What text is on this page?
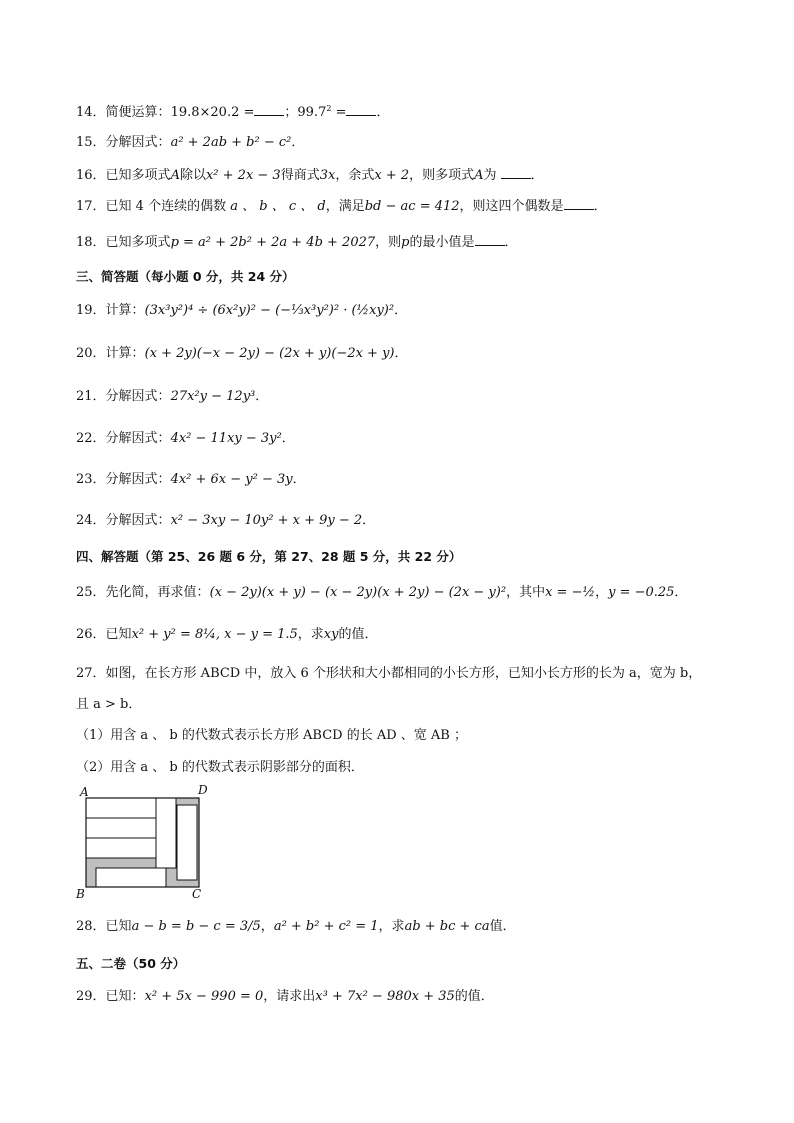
14．简便运算：19.8×20.2 = ；$99.7^2$ = ．
15．分解因式：a² + 2ab + b² − c²．
16．已知多项式A除以x² + 2x − 3得商式3x，余式x + 2，则多项式A为	．
17．已知 4 个连续的偶数 a 、 b 、 c 、 d，满足bd − ac = 412，则这四个偶数是 ．
18．已知多项式p = a² + 2b² + 2a + 4b + 2027，则p的最小值是 ．
三、简答题（每小题 0 分，共 24 分）
19．计算：(3x³y²)⁴ ÷ (6x²y)² − (−⅓x³y²)² · (½xy)²．
20．计算：(x + 2y)(−x − 2y) − (2x + y)(−2x + y)．
21．分解因式：27x²y − 12y³．
22．分解因式：4x² − 11xy − 3y²．
23．分解因式：4x² + 6x − y² − 3y．
24．分解因式：x² − 3xy − 10y² + x + 9y − 2．
四、解答题（第 25、26 题 6 分，第 27、28 题 5 分，共 22 分）
25．先化简，再求值：(x − 2y)(x + y) − (x − 2y)(x + 2y) − (2x − y)²，其中x = −½，y = −0.25．
26．已知x² + y² = 8¼, x − y = 1.5，求xy的值．
27．如图，在长方形 ABCD 中，放入 6 个形状和大小都相同的小长方形，已知小长方形的长为 a，宽为 b，
且 a > b．
（1）用含 a 、 b 的代数式表示长方形 ABCD 的长 AD 、宽 AB ；
（2）用含 a 、 b 的代数式表示阴影部分的面积．
A	D
B	C
28．已知a − b = b − c = 3/5，a² + b² + c² = 1，求ab + bc + ca值．
五、二卷（50 分）
29．已知：x² + 5x − 990 = 0，请求出x³ + 7x² − 980x + 35的值．
